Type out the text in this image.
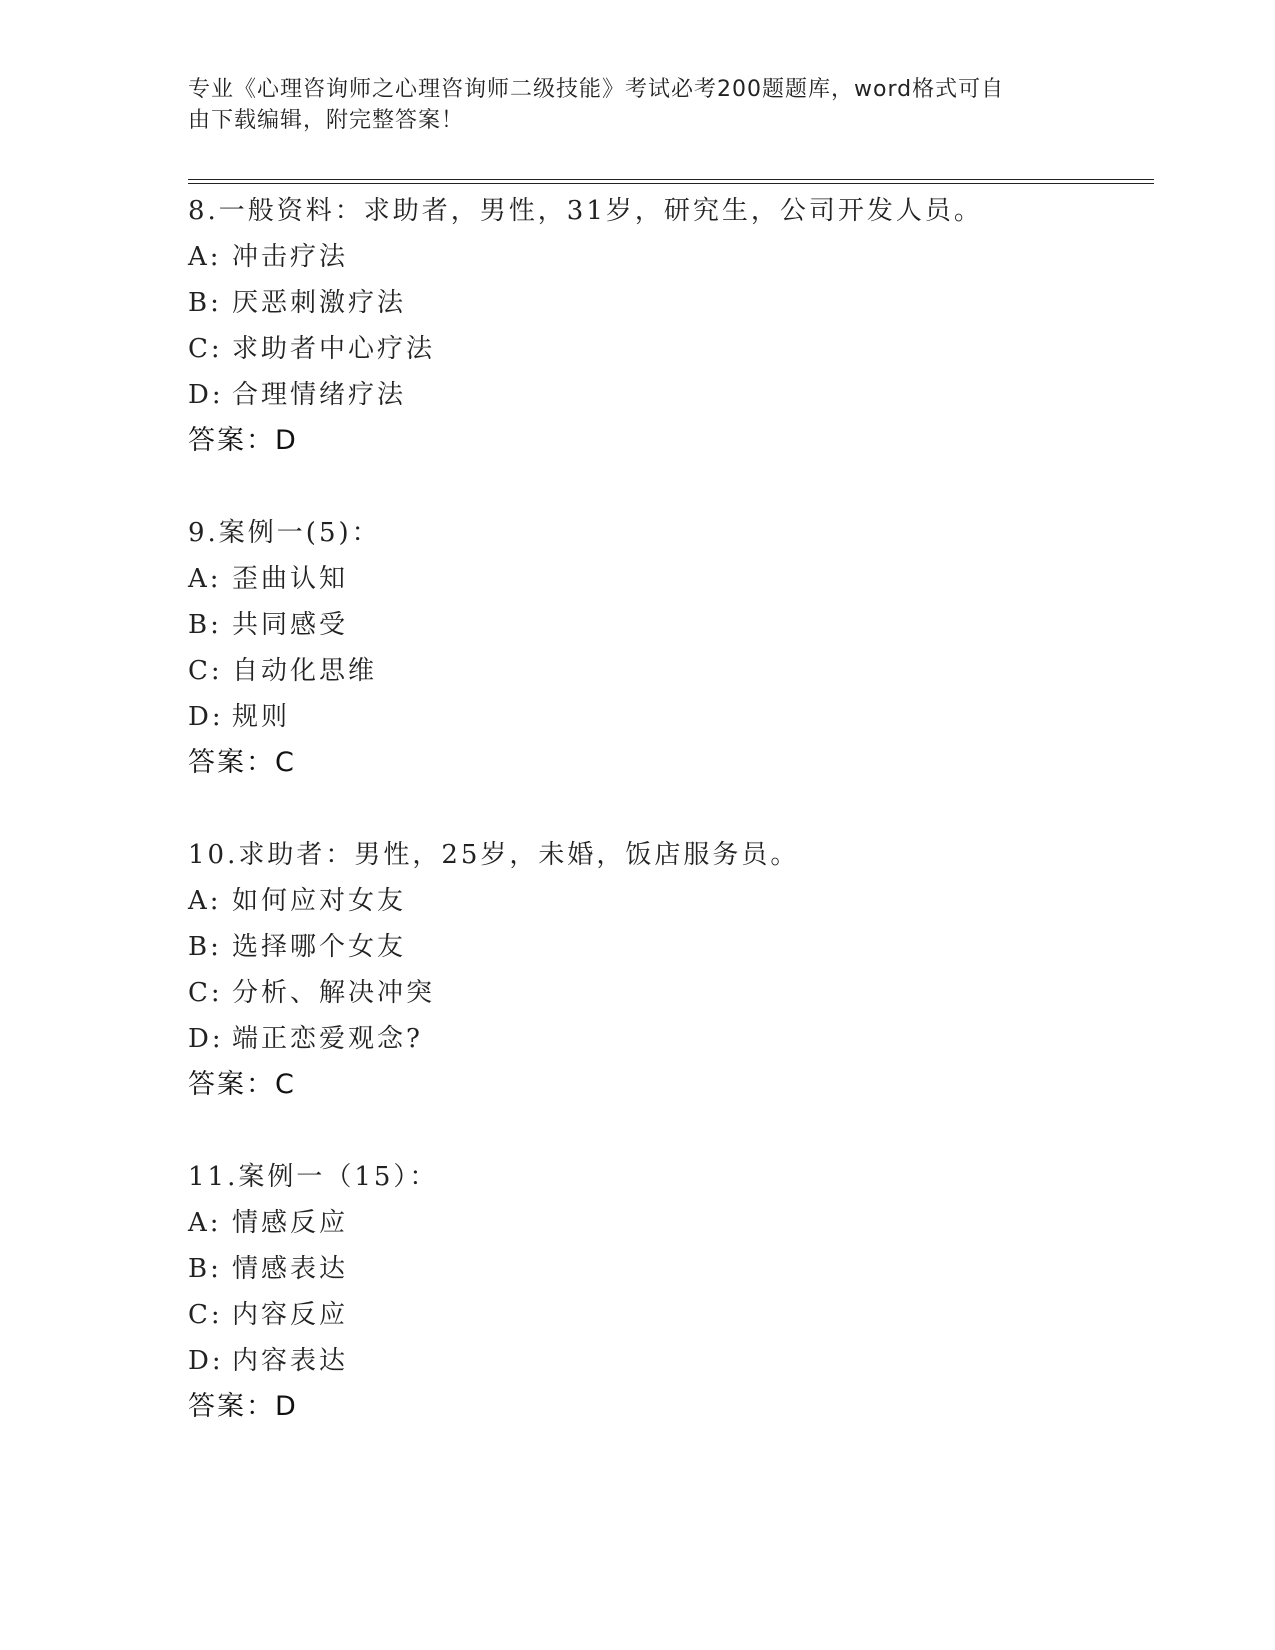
专业《心理咨询师之心理咨询师二级技能》考试必考200题题库，word格式可自
由下载编辑，附完整答案！
8.一般资料：求助者，男性，31岁，研究生，公司开发人员。
A: 冲击疗法
B: 厌恶刺激疗法
C: 求助者中心疗法
D: 合理情绪疗法
答案：D
9.案例一(5)：
A: 歪曲认知
B: 共同感受
C: 自动化思维
D: 规则
答案：C
10.求助者：男性，25岁，未婚，饭店服务员。
A: 如何应对女友
B: 选择哪个女友
C: 分析、解决冲突
D: 端正恋爱观念?
答案：C
11.案例一（15）：
A: 情感反应
B: 情感表达
C: 内容反应
D: 内容表达
答案：D
